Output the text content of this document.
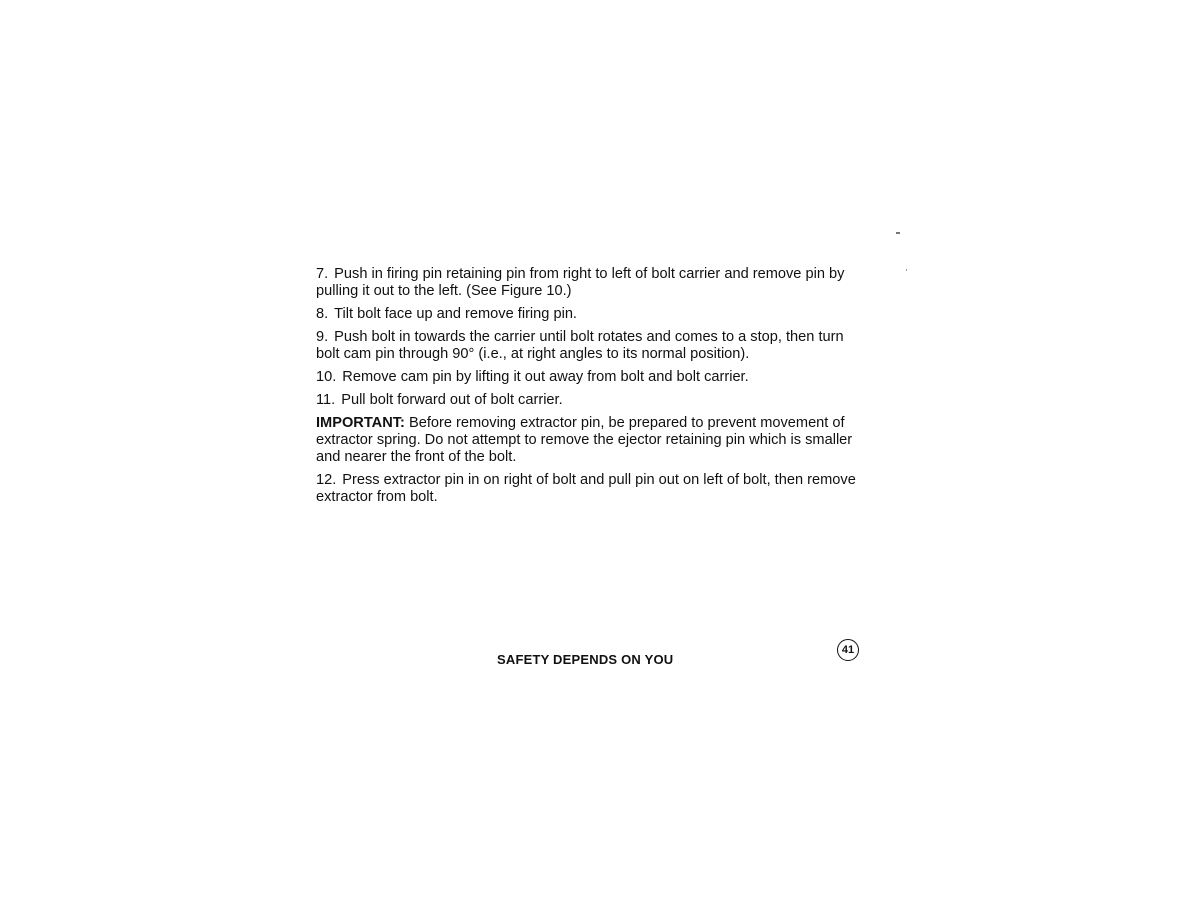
7. Push in firing pin retaining pin from right to left of bolt carrier and remove pin by pulling it out to the left. (See Figure 10.)

8. Tilt bolt face up and remove firing pin.

9. Push bolt in towards the carrier until bolt rotates and comes to a stop, then turn bolt cam pin through 90° (i.e., at right angles to its normal position).

10. Remove cam pin by lifting it out away from bolt and bolt carrier.

11. Pull bolt forward out of bolt carrier.

IMPORTANT: Before removing extractor pin, be prepared to prevent movement of extractor spring. Do not attempt to remove the ejector retaining pin which is smaller and nearer the front of the bolt.

12. Press extractor pin in on right of bolt and pull pin out on left of bolt, then remove extractor from bolt.

SAFETY DEPENDS ON YOU
41
